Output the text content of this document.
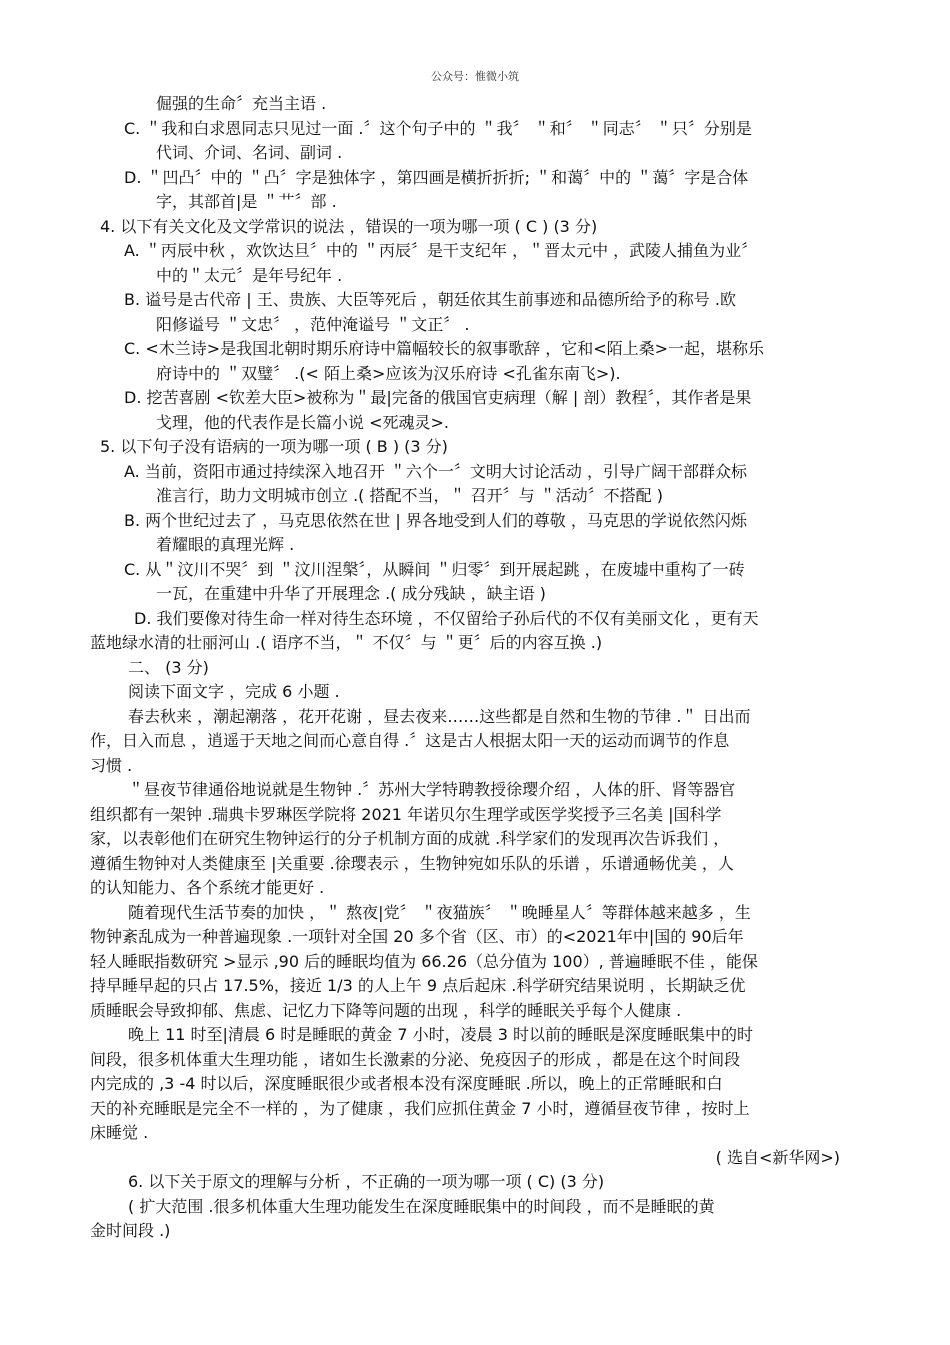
公众号：惟微小筑
倔强的生命〞充当主语 .
C. ＂我和白求恩同志只见过一面 .〞这个句子中的 ＂我〞 ＂和〞 ＂同志〞 ＂只〞分别是
代词、介词、名词、副词 .
D. ＂凹凸〞中的 ＂凸〞字是独体字 ，第四画是横折折折; ＂和蔼〞中的 ＂蔼〞字是合体
字，其部首|是 ＂艹〞部 .
4. 以下有关文化及文学常识的说法 ，错误的一项为哪一项 ( C ) (3 分)
A. ＂丙辰中秋 ，欢饮达旦〞中的 ＂丙辰〞是干支纪年 ，＂晋太元中 ，武陵人捕鱼为业〞
中的＂太元〞是年号纪年 .
B. 谥号是古代帝 | 王、贵族、大臣等死后 ，朝廷依其生前事迹和品德所给予的称号 .欧
阳修谥号 ＂文忠〞 ，范仲淹谥号 ＂文正〞 .
C. <木兰诗>是我国北朝时期乐府诗中篇幅较长的叙事歌辞 ，它和<陌上桑>一起，堪称乐
府诗中的 ＂双璧〞 .(< 陌上桑>应该为汉乐府诗 <孔雀东南飞>).
D. 挖苦喜剧 <钦差大臣>被称为＂最|完备的俄国官吏病理（解 | 剖）教程〞，其作者是果
戈理，他的代表作是长篇小说 <死魂灵>.
5. 以下句子没有语病的一项为哪一项 ( B ) (3 分)
A. 当前，资阳市通过持续深入地召开 ＂六个一〞文明大讨论活动 ，引导广阔干部群众标
准言行，助力文明城市创立 .( 搭配不当，＂ 召开〞与 ＂活动〞不搭配 )
B. 两个世纪过去了 ，马克思依然在世 | 界各地受到人们的尊敬 ，马克思的学说依然闪烁
着耀眼的真理光辉 .
C. 从＂汶川不哭〞到 ＂汶川涅槃〞，从瞬间 ＂归零〞到开展起跳 ，在废墟中重构了一砖
一瓦，在重建中升华了开展理念 .( 成分残缺 ，缺主语 )
D. 我们要像对待生命一样对待生态环境 ，不仅留给子孙后代的不仅有美丽文化 ，更有天
蓝地绿水清的壮丽河山 .( 语序不当，＂ 不仅〞与 ＂更〞后的内容互换 .)
二、 (3 分)
阅读下面文字 ，完成 6 小题 .
春去秋来 ，潮起潮落 ，花开花谢 ，昼去夜来……这些都是自然和生物的节律 .＂ 日出而
作，日入而息 ，逍遥于天地之间而心意自得 .〞这是古人根据太阳一天的运动而调节的作息
习惯 .
＂昼夜节律通俗地说就是生物钟 .〞苏州大学特聘教授徐璎介绍 ，人体的肝、肾等器官
组织都有一架钟 .瑞典卡罗琳医学院将 2021 年诺贝尔生理学或医学奖授予三名美 |国科学
家，以表彰他们在研究生物钟运行的分子机制方面的成就 .科学家们的发现再次告诉我们 ，
遵循生物钟对人类健康至 |关重要 .徐璎表示 ，生物钟宛如乐队的乐谱 ，乐谱通畅优美 ，人
的认知能力、各个系统才能更好 .
随着现代生活节奏的加快 ，＂ 熬夜|党〞 ＂夜猫族〞 ＂晚睡星人〞等群体越来越多 ，生
物钟紊乱成为一种普遍现象 .一项针对全国 20 多个省（区、市）的<2021年中|国的 90后年
轻人睡眠指数研究 >显示 ,90 后的睡眠均值为 66.26（总分值为 100）, 普遍睡眠不佳 ，能保
持早睡早起的只占 17.5%，接近 1/3 的人上午 9 点后起床 .科学研究结果说明 ，长期缺乏优
质睡眠会导致抑郁、焦虑、记忆力下降等问题的出现 ，科学的睡眠关乎每个人健康 .
晚上 11 时至|清晨 6 时是睡眠的黄金 7 小时，凌晨 3 时以前的睡眠是深度睡眠集中的时
间段，很多机体重大生理功能 ，诸如生长激素的分泌、免疫因子的形成 ，都是在这个时间段
内完成的 ,3 -4 时以后，深度睡眠很少或者根本没有深度睡眠 .所以，晚上的正常睡眠和白
天的补充睡眠是完全不一样的 ，为了健康 ，我们应抓住黄金 7 小时，遵循昼夜节律 ，按时上
床睡觉 .
( 选自<新华网>)
6. 以下关于原文的理解与分析 ，不正确的一项为哪一项 ( C) (3 分)
( 扩大范围 .很多机体重大生理功能发生在深度睡眠集中的时间段 ，而不是睡眠的黄
金时间段 .)
